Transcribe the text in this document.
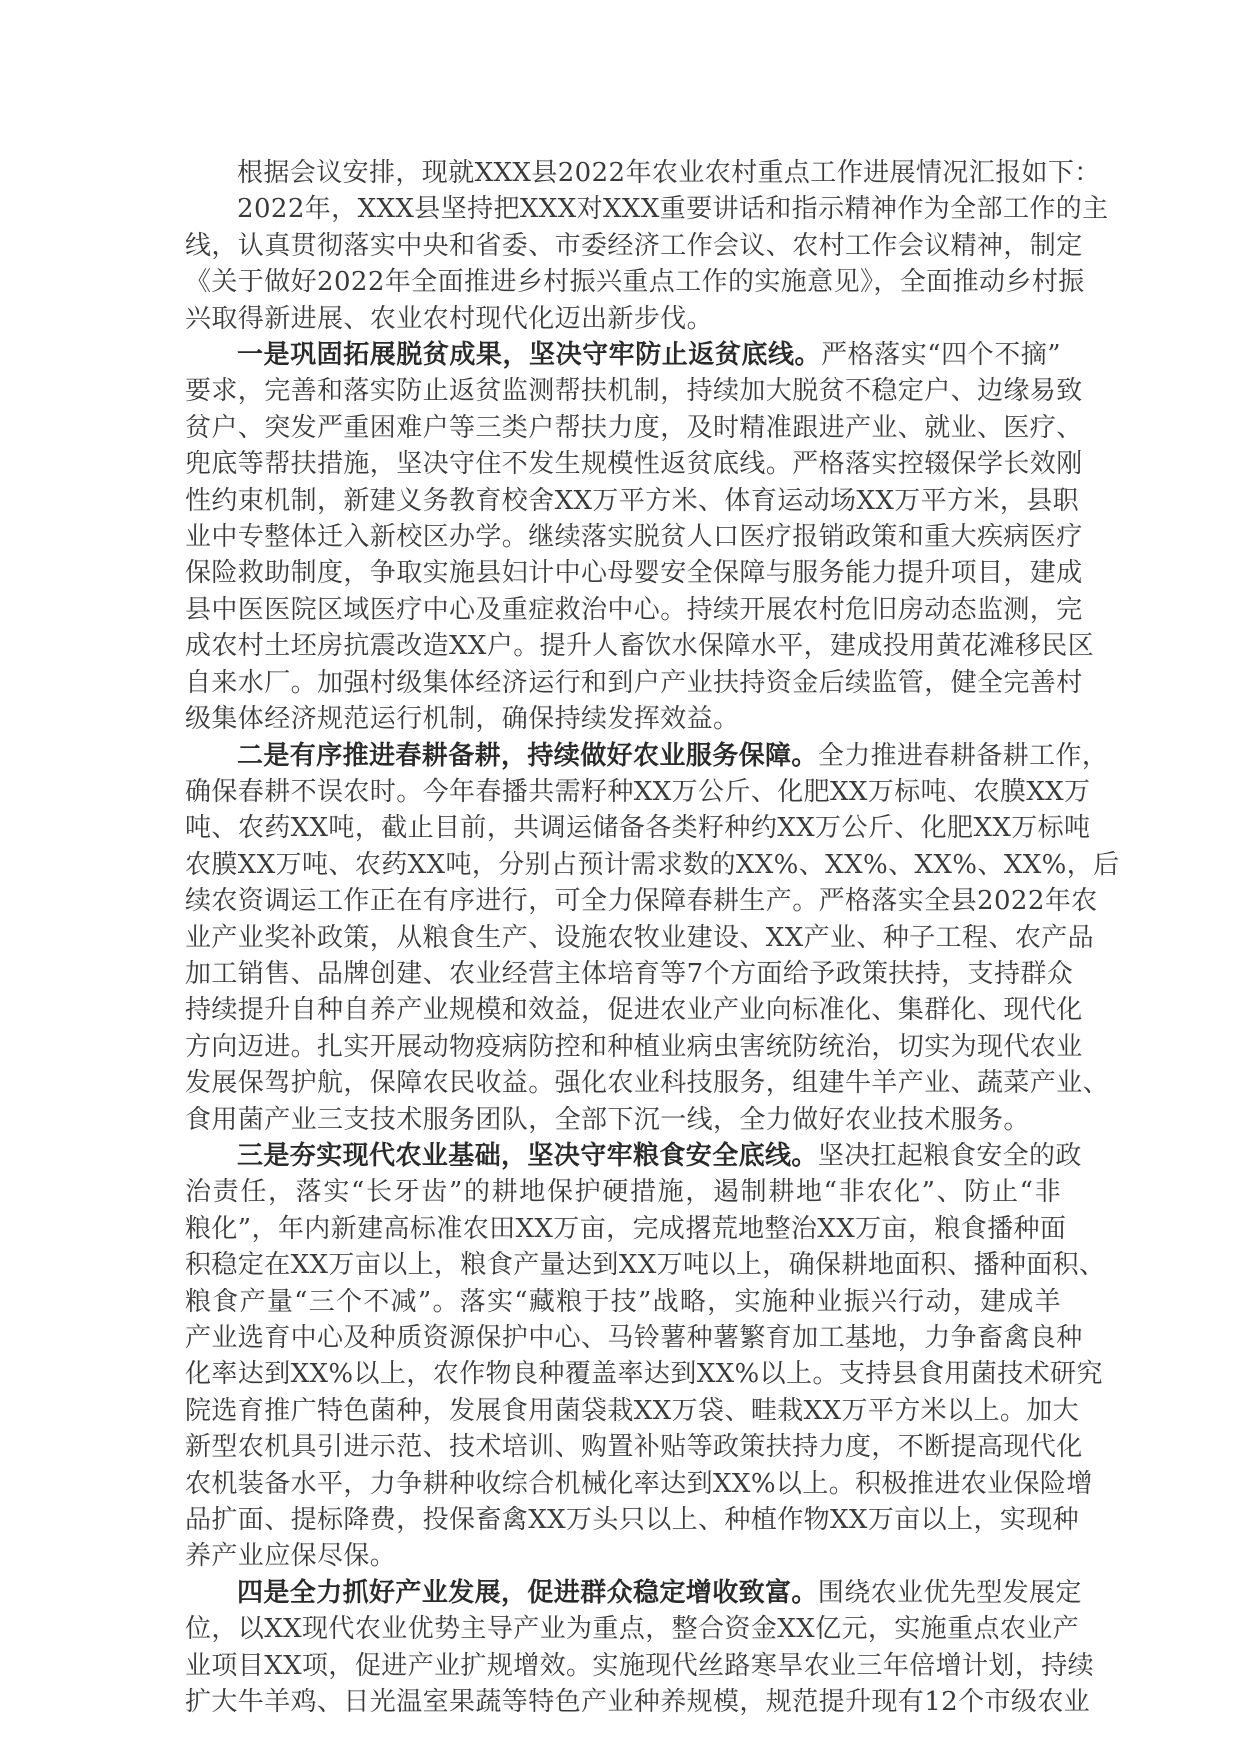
根据会议安排，现就XXX县2022年农业农村重点工作进展情况汇报如下：

2022年，XXX县坚持把XXX对XXX重要讲话和指示精神作为全部工作的主
线，认真贯彻落实中央和省委、市委经济工作会议、农村工作会议精神，制定
《关于做好2022年全面推进乡村振兴重点工作的实施意见》，全面推动乡村振
兴取得新进展、农业农村现代化迈出新步伐。

一是巩固拓展脱贫成果，坚决守牢防止返贫底线。严格落实“四个不摘”
要求，完善和落实防止返贫监测帮扶机制，持续加大脱贫不稳定户、边缘易致
贫户、突发严重困难户等三类户帮扶力度，及时精准跟进产业、就业、医疗、
兜底等帮扶措施，坚决守住不发生规模性返贫底线。严格落实控辍保学长效刚
性约束机制，新建义务教育校舍XX万平方米、体育运动场XX万平方米，县职
业中专整体迁入新校区办学。继续落实脱贫人口医疗报销政策和重大疾病医疗
保险救助制度，争取实施县妇计中心母婴安全保障与服务能力提升项目，建成
县中医医院区域医疗中心及重症救治中心。持续开展农村危旧房动态监测，完
成农村土坯房抗震改造XX户。提升人畜饮水保障水平，建成投用黄花滩移民区
自来水厂。加强村级集体经济运行和到户产业扶持资金后续监管，健全完善村
级集体经济规范运行机制，确保持续发挥效益。

二是有序推进春耕备耕，持续做好农业服务保障。全力推进春耕备耕工作，
确保春耕不误农时。今年春播共需籽种XX万公斤、化肥XX万标吨、农膜XX万
吨、农药XX吨，截止目前，共调运储备各类籽种约XX万公斤、化肥XX万标吨
农膜XX万吨、农药XX吨，分别占预计需求数的XX%、XX%、XX%、XX%，后
续农资调运工作正在有序进行，可全力保障春耕生产。严格落实全县2022年农
业产业奖补政策，从粮食生产、设施农牧业建设、XX产业、种子工程、农产品
加工销售、品牌创建、农业经营主体培育等7个方面给予政策扶持，支持群众
持续提升自种自养产业规模和效益，促进农业产业向标准化、集群化、现代化
方向迈进。扎实开展动物疫病防控和种植业病虫害统防统治，切实为现代农业
发展保驾护航，保障农民收益。强化农业科技服务，组建牛羊产业、蔬菜产业、
食用菌产业三支技术服务团队，全部下沉一线，全力做好农业技术服务。

三是夯实现代农业基础，坚决守牢粮食安全底线。坚决扛起粮食安全的政
治责任，落实“长牙齿”的耕地保护硬措施，遏制耕地“非农化”、防止“非
粮化”，年内新建高标准农田XX万亩，完成撂荒地整治XX万亩，粮食播种面
积稳定在XX万亩以上，粮食产量达到XX万吨以上，确保耕地面积、播种面积、
粮食产量“三个不减”。落实“藏粮于技”战略，实施种业振兴行动，建成羊
产业选育中心及种质资源保护中心、马铃薯种薯繁育加工基地，力争畜禽良种
化率达到XX%以上，农作物良种覆盖率达到XX%以上。支持县食用菌技术研究
院选育推广特色菌种，发展食用菌袋栽XX万袋、畦栽XX万平方米以上。加大
新型农机具引进示范、技术培训、购置补贴等政策扶持力度，不断提高现代化
农机装备水平，力争耕种收综合机械化率达到XX%以上。积极推进农业保险增
品扩面、提标降费，投保畜禽XX万头只以上、种植作物XX万亩以上，实现种
养产业应保尽保。

四是全力抓好产业发展，促进群众稳定增收致富。围绕农业优先型发展定
位，以XX现代农业优势主导产业为重点，整合资金XX亿元，实施重点农业产
业项目XX项，促进产业扩规增效。实施现代丝路寒旱农业三年倍增计划，持续
扩大牛羊鸡、日光温室果蔬等特色产业种养规模，规范提升现有12个市级农业
